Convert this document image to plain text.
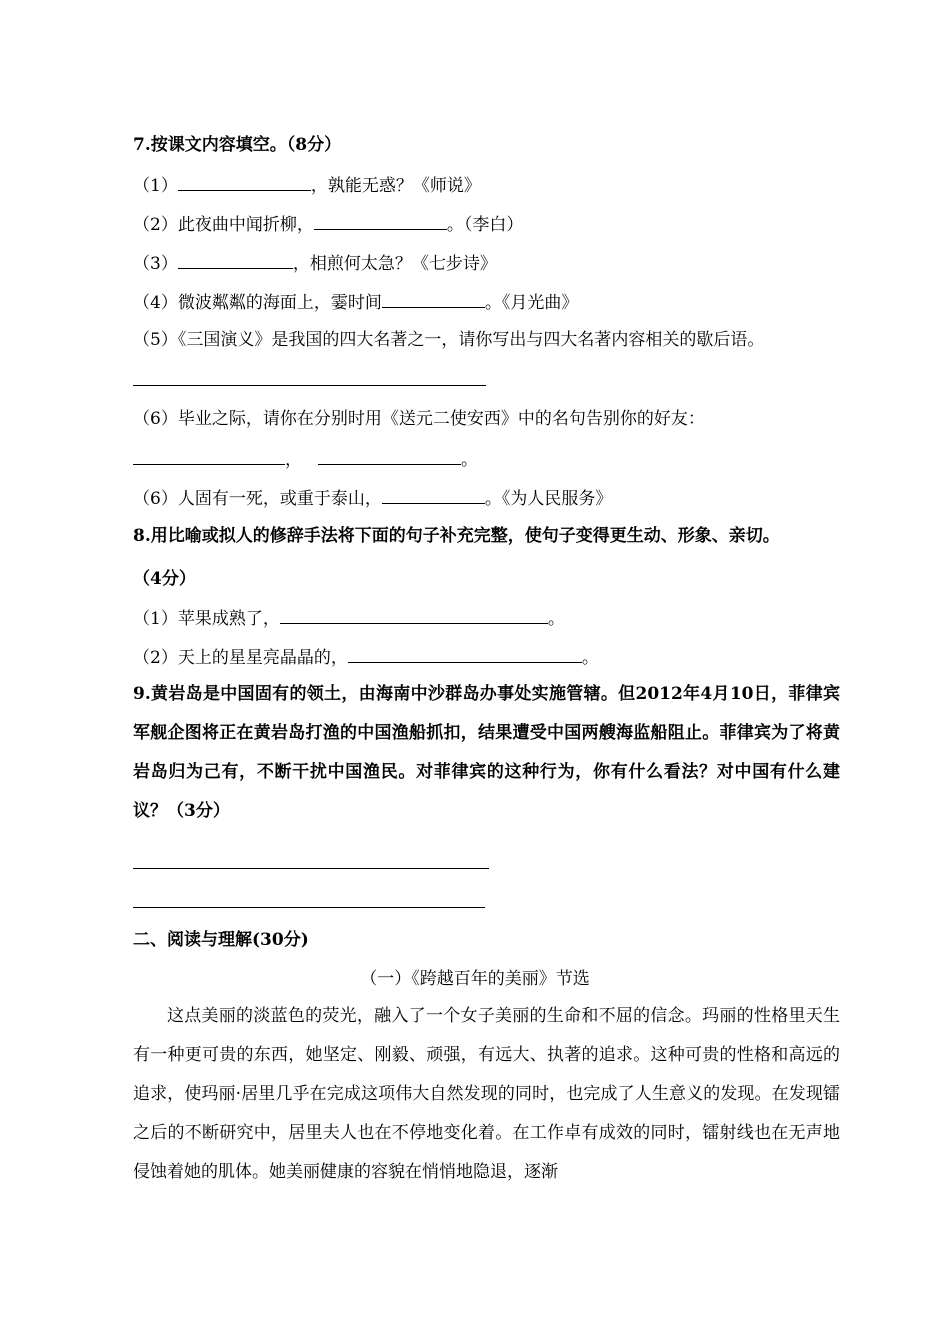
7.按课文内容填空。（8分）
（1）	，孰能无惑？《师说》
（2）此夜曲中闻折柳，	。（李白）
（3）	，相煎何太急？《七步诗》
（4）微波粼粼的海面上，霎时间	。《月光曲》
（5）《三国演义》是我国的四大名著之一，请你写出与四大名著内容相关的歇后语。
（6）毕业之际，请你在分别时用《送元二使安西》中的名句告别你的好友：
，	。
（6）人固有一死，或重于泰山，	。《为人民服务》
8.用比喻或拟人的修辞手法将下面的句子补充完整，使句子变得更生动、形象、亲切。
（4分）
（1）苹果成熟了，	。
（2）天上的星星亮晶晶的，	。
9.黄岩岛是中国固有的领土，由海南中沙群岛办事处实施管辖。但2012年4月10日，菲律宾军舰企图将正在黄岩岛打渔的中国渔船抓扣，结果遭受中国两艘海监船阻止。菲律宾为了将黄岩岛归为己有，不断干扰中国渔民。对菲律宾的这种行为，你有什么看法？对中国有什么建议？（3分）
二、阅读与理解(30分)
（一）《跨越百年的美丽》节选
这点美丽的淡蓝色的荧光，融入了一个女子美丽的生命和不屈的信念。玛丽的性格里天生有一种更可贵的东西，她坚定、刚毅、顽强，有远大、执著的追求。这种可贵的性格和高远的追求，使玛丽·居里几乎在完成这项伟大自然发现的同时，也完成了人生意义的发现。在发现镭之后的不断研究中，居里夫人也在不停地变化着。在工作卓有成效的同时，镭射线也在无声地侵蚀着她的肌体。她美丽健康的容貌在悄悄地隐退，逐渐
